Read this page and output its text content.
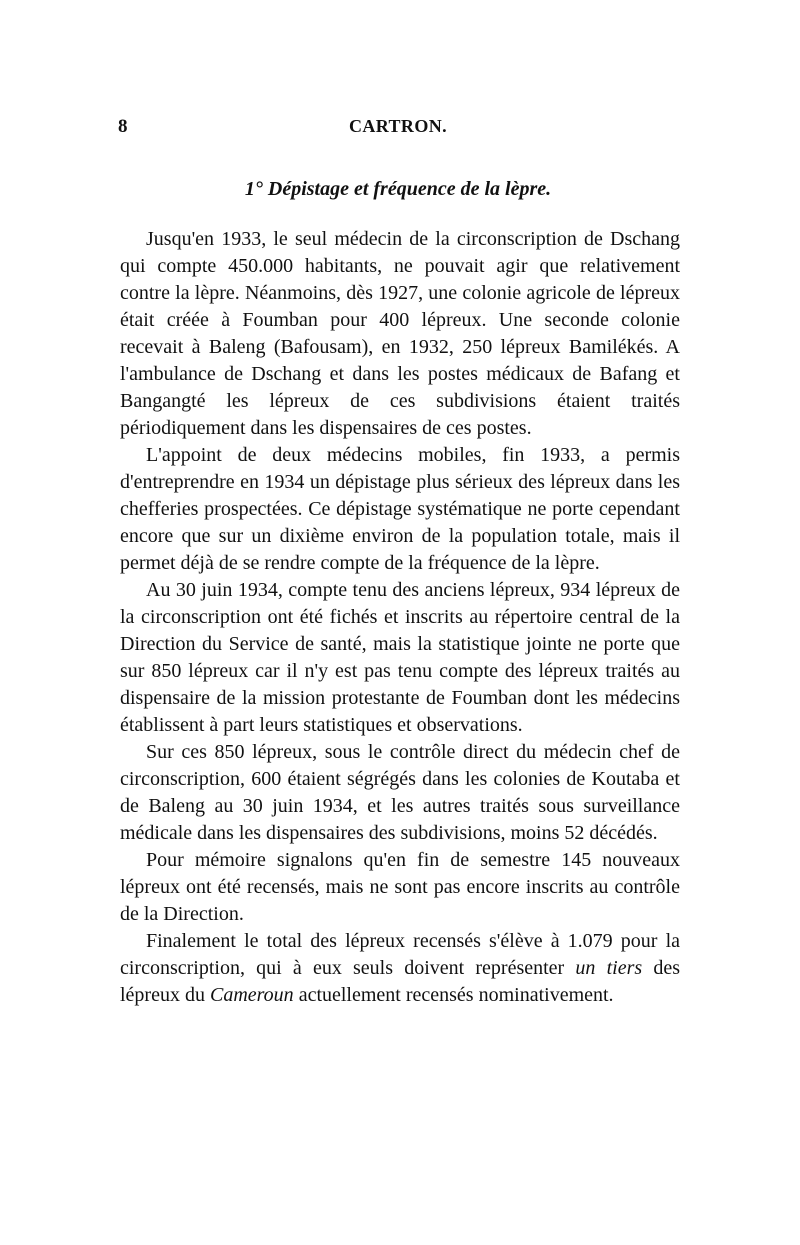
8	CARTRON.
1° Dépistage et fréquence de la lèpre.

Jusqu'en 1933, le seul médecin de la circonscription de Dschang qui compte 450.000 habitants, ne pouvait agir que relativement contre la lèpre. Néanmoins, dès 1927, une colonie agricole de lépreux était créée à Foumban pour 400 lépreux. Une seconde colonie recevait à Baleng (Bafousam), en 1932, 250 lépreux Bamilékés. A l'ambulance de Dschang et dans les postes médicaux de Bafang et Bangangté les lépreux de ces subdivisions étaient traités périodiquement dans les dispensaires de ces postes.

L'appoint de deux médecins mobiles, fin 1933, a permis d'entreprendre en 1934 un dépistage plus sérieux des lépreux dans les chefferies prospectées. Ce dépistage systématique ne porte cependant encore que sur un dixième environ de la population totale, mais il permet déjà de se rendre compte de la fréquence de la lèpre.

Au 30 juin 1934, compte tenu des anciens lépreux, 934 lépreux de la circonscription ont été fichés et inscrits au répertoire central de la Direction du Service de santé, mais la statistique jointe ne porte que sur 850 lépreux car il n'y est pas tenu compte des lépreux traités au dispensaire de la mission protestante de Foumban dont les médecins établissent à part leurs statistiques et observations.

Sur ces 850 lépreux, sous le contrôle direct du médecin chef de circonscription, 600 étaient ségrégés dans les colonies de Koutaba et de Baleng au 30 juin 1934, et les autres traités sous surveillance médicale dans les dispensaires des subdivisions, moins 52 décédés.

Pour mémoire signalons qu'en fin de semestre 145 nouveaux lépreux ont été recensés, mais ne sont pas encore inscrits au contrôle de la Direction.

Finalement le total des lépreux recensés s'élève à 1.079 pour la circonscription, qui à eux seuls doivent représenter un tiers des lépreux du Cameroun actuellement recensés nominativement.
